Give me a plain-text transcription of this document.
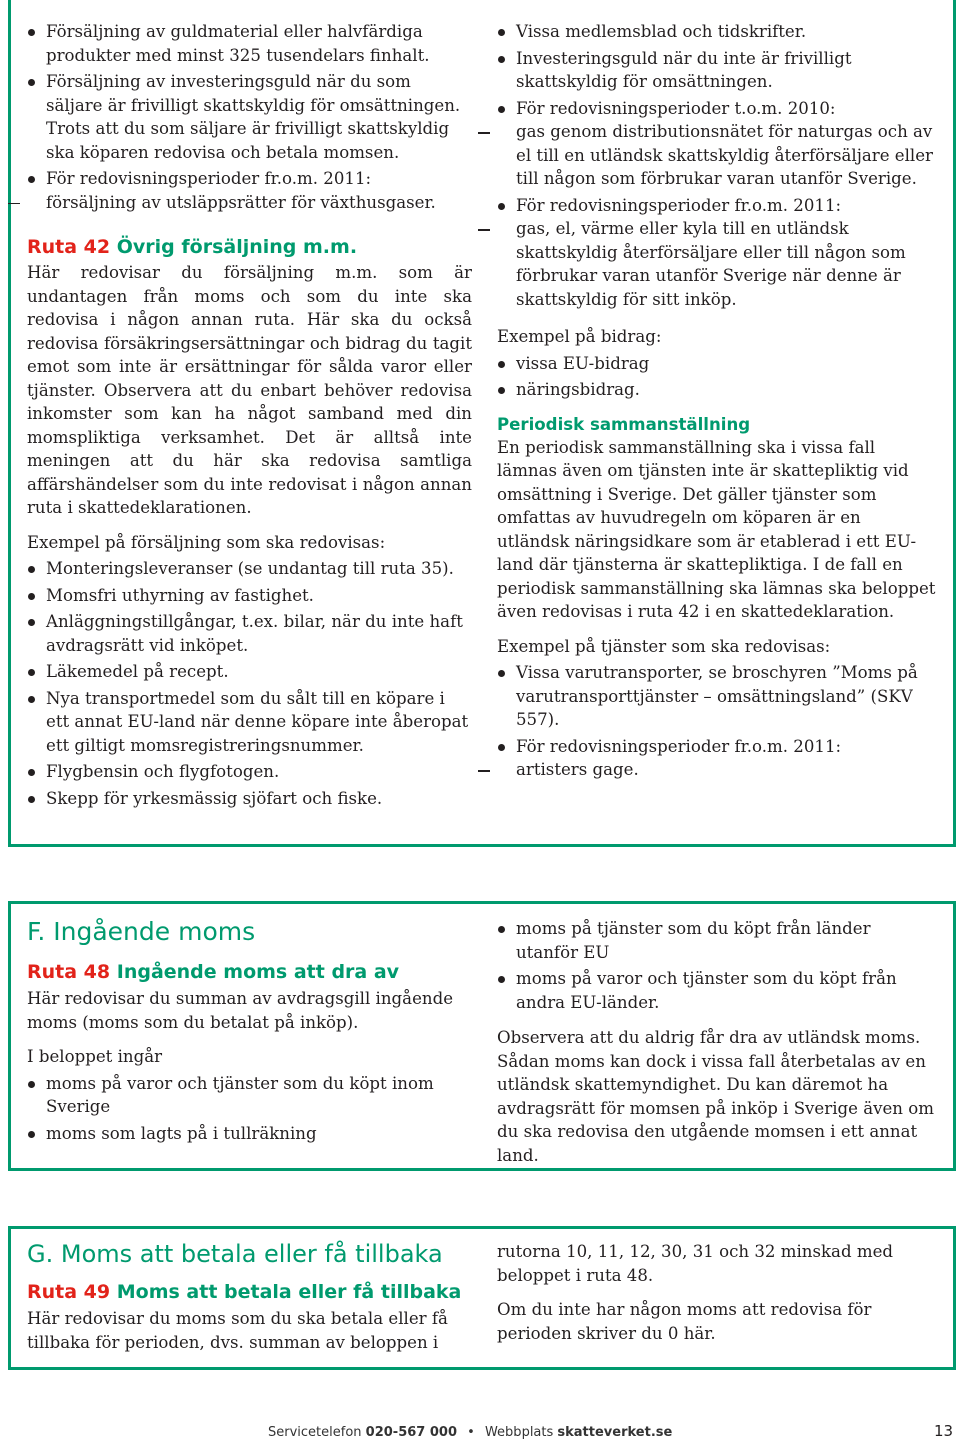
Försäljning av guldmaterial eller halvfärdiga produkter med minst 325 tusendelars finhalt.
Försäljning av investeringsguld när du som säljare är frivilligt skattskyldig för omsättningen. Trots att du som säljare är frivilligt skattskyldig ska köparen redovisa och betala momsen.
För redovisningsperioder fr.o.m. 2011:
försäljning av utsläppsrätter för växthusgaser.

Ruta 42 Övrig försäljning m.m.

Här redovisar du försäljning m.m. som är undantagen från moms och som du inte ska redovisa i någon annan ruta. Här ska du också redovisa försäkringsersättningar och bidrag du tagit emot som inte är ersättningar för sålda varor eller tjänster. Observera att du enbart behöver redovisa inkomster som kan ha något samband med din momspliktiga verksamhet. Det är alltså inte meningen att du här ska redovisa samtliga affärshändelser som du inte redovisat i någon annan ruta i skattedeklarationen.

Exempel på försäljning som ska redovisas:

Monteringsleveranser (se undantag till ruta 35).
Momsfri uthyrning av fastighet.
Anläggningstillgångar, t.ex. bilar, när du inte haft avdragsrätt vid inköpet.
Läkemedel på recept.
Nya transportmedel som du sålt till en köpare i ett annat EU-land när denne köpare inte åberopat ett giltigt momsregistreringsnummer.
Flygbensin och flygfotogen.
Skepp för yrkesmässig sjöfart och fiske.
Vissa medlemsblad och tidskrifter.
Investeringsguld när du inte är frivilligt skattskyldig för omsättningen.
För redovisningsperioder t.o.m. 2010:
gas genom distributionsnätet för naturgas och av el till en utländsk skattskyldig återförsäljare eller till någon som förbrukar varan utanför Sverige.
För redovisningsperioder fr.o.m. 2011:
gas, el, värme eller kyla till en utländsk skattskyldig återförsäljare eller till någon som förbrukar varan utanför Sverige när denne är skattskyldig för sitt inköp.

Exempel på bidrag:

vissa EU-bidrag
näringsbidrag.

Periodisk sammanställning

En periodisk sammanställning ska i vissa fall lämnas även om tjänsten inte är skattepliktig vid omsättning i Sverige. Det gäller tjänster som omfattas av huvudregeln om köparen är en utländsk näringsidkare som är etablerad i ett EU-land där tjänsterna är skattepliktiga. I de fall en periodisk sammanställning ska lämnas ska beloppet även redovisas i ruta 42 i en skattedeklaration.

Exempel på tjänster som ska redovisas:

Vissa varutransporter, se broschyren ”Moms på varutransporttjänster – omsättningsland” (SKV 557).
För redovisningsperioder fr.o.m. 2011:
artisters gage.

F. Ingående moms

Ruta 48 Ingående moms att dra av

Här redovisar du summan av avdragsgill ingående moms (moms som du betalat på inköp).

I beloppet ingår

moms på varor och tjänster som du köpt inom Sverige
moms som lagts på i tullräkning
moms på tjänster som du köpt från länder utanför EU
moms på varor och tjänster som du köpt från andra EU-länder.

Observera att du aldrig får dra av utländsk moms. Sådan moms kan dock i vissa fall återbetalas av en utländsk skattemyndighet. Du kan däremot ha avdragsrätt för momsen på inköp i Sverige även om du ska redovisa den utgående momsen i ett annat land.

G. Moms att betala eller få tillbaka

Ruta 49 Moms att betala eller få tillbaka

Här redovisar du moms som du ska betala eller få tillbaka för perioden, dvs. summan av beloppen i

rutorna 10, 11, 12, 30, 31 och 32 minskad med beloppet i ruta 48.

Om du inte har någon moms att redovisa för perioden skriver du 0 här.

Servicetelefon 020-567 000 • Webbplats skatteverket.se	13
